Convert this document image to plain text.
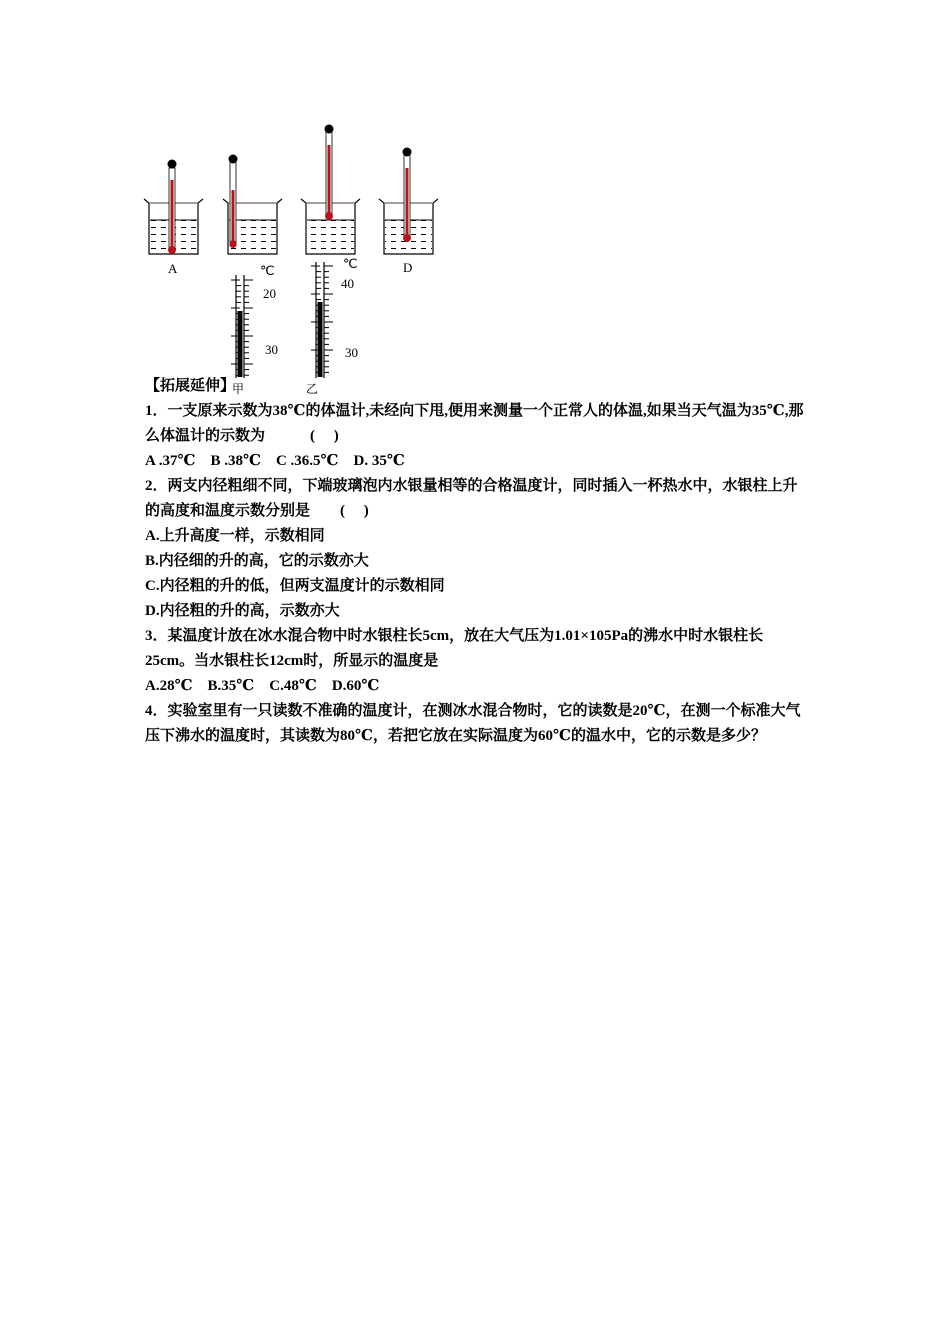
A	D
℃
℃
20
30
40
30
【拓展延伸】$_甲$	$_乙$
1．一支原来示数为38℃的体温计,未经向下甩,便用来测量一个正常人的体温,如果当天气温为35℃,那么体温计的示数为　　　(　 )
A .37℃　B .38℃　C .36.5℃　D. 35℃
2．两支内径粗细不同，下端玻璃泡内水银量相等的合格温度计，同时插入一杯热水中，水银柱上升的高度和温度示数分别是　　(　 )
A.上升高度一样，示数相同
B.内径细的升的高，它的示数亦大
C.内径粗的升的低，但两支温度计的示数相同
D.内径粗的升的高，示数亦大
3．某温度计放在冰水混合物中时水银柱长5cm，放在大气压为1.01×105Pa的沸水中时水银柱长25cm。当水银柱长12cm时，所显示的温度是
A.28℃　B.35℃　C.48℃　D.60℃
4．实验室里有一只读数不准确的温度计，在测冰水混合物时，它的读数是20℃，在测一个标准大气压下沸水的温度时，其读数为80℃，若把它放在实际温度为60℃的温水中，它的示数是多少？
